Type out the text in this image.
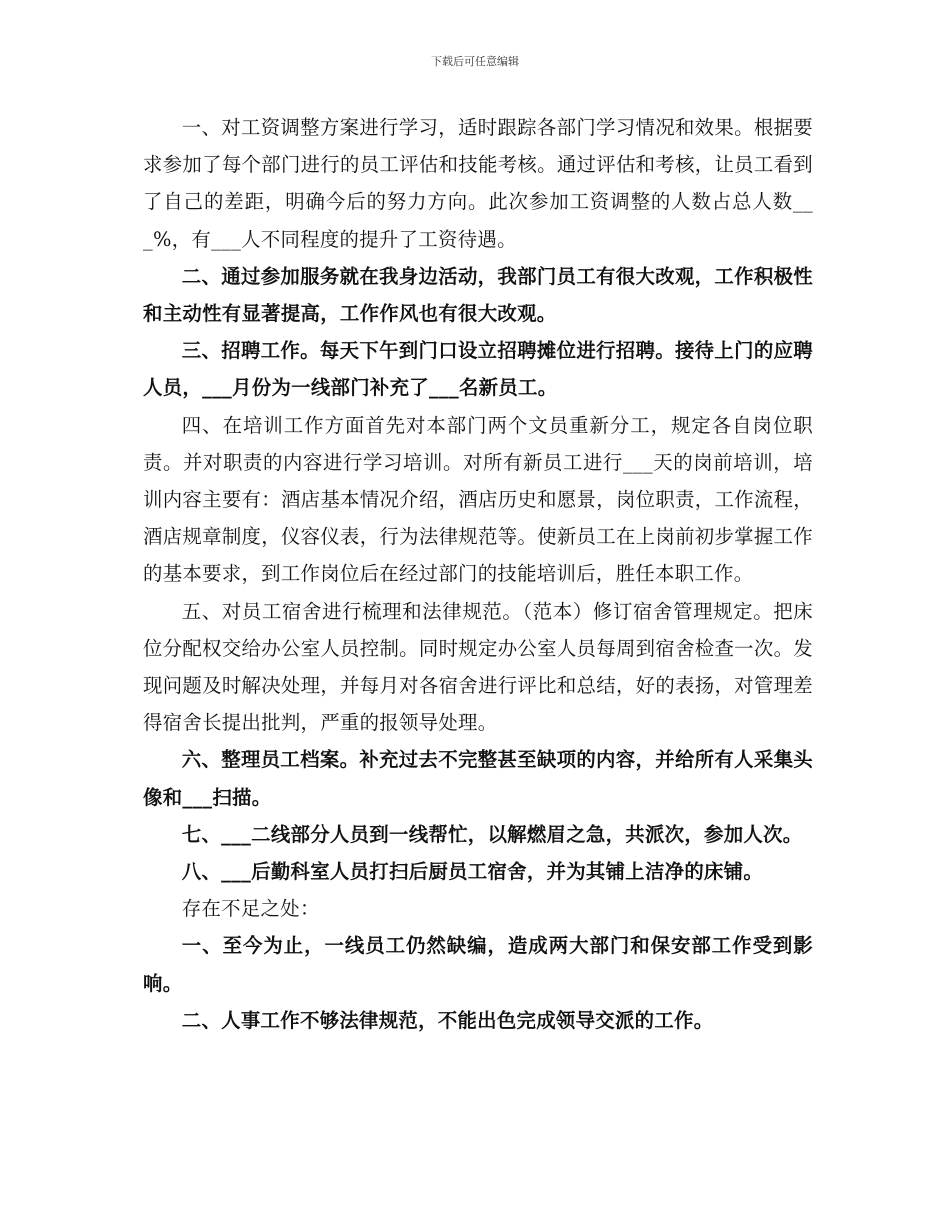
下载后可任意编辑

一、对工资调整方案进行学习，适时跟踪各部门学习情况和效果。根据要求参加了每个部门进行的员工评估和技能考核。通过评估和考核，让员工看到了自己的差距，明确今后的努力方向。此次参加工资调整的人数占总人数___%，有___人不同程度的提升了工资待遇。

二、通过参加服务就在我身边活动，我部门员工有很大改观，工作积极性和主动性有显著提高，工作作风也有很大改观。

三、招聘工作。每天下午到门口设立招聘摊位进行招聘。接待上门的应聘人员，___月份为一线部门补充了___名新员工。

四、在培训工作方面首先对本部门两个文员重新分工，规定各自岗位职责。并对职责的内容进行学习培训。对所有新员工进行___天的岗前培训，培训内容主要有：酒店基本情况介绍，酒店历史和愿景，岗位职责，工作流程，酒店规章制度，仪容仪表，行为法律规范等。使新员工在上岗前初步掌握工作的基本要求，到工作岗位后在经过部门的技能培训后，胜任本职工作。

五、对员工宿舍进行梳理和法律规范。（范本）修订宿舍管理规定。把床位分配权交给办公室人员控制。同时规定办公室人员每周到宿舍检查一次。发现问题及时解决处理，并每月对各宿舍进行评比和总结，好的表扬，对管理差得宿舍长提出批判，严重的报领导处理。

六、整理员工档案。补充过去不完整甚至缺项的内容，并给所有人采集头像和___扫描。

七、___二线部分人员到一线帮忙，以解燃眉之急，共派次，参加人次。

八、___后勤科室人员打扫后厨员工宿舍，并为其铺上洁净的床铺。

存在不足之处：

一、至今为止，一线员工仍然缺编，造成两大部门和保安部工作受到影响。

二、人事工作不够法律规范，不能出色完成领导交派的工作。
